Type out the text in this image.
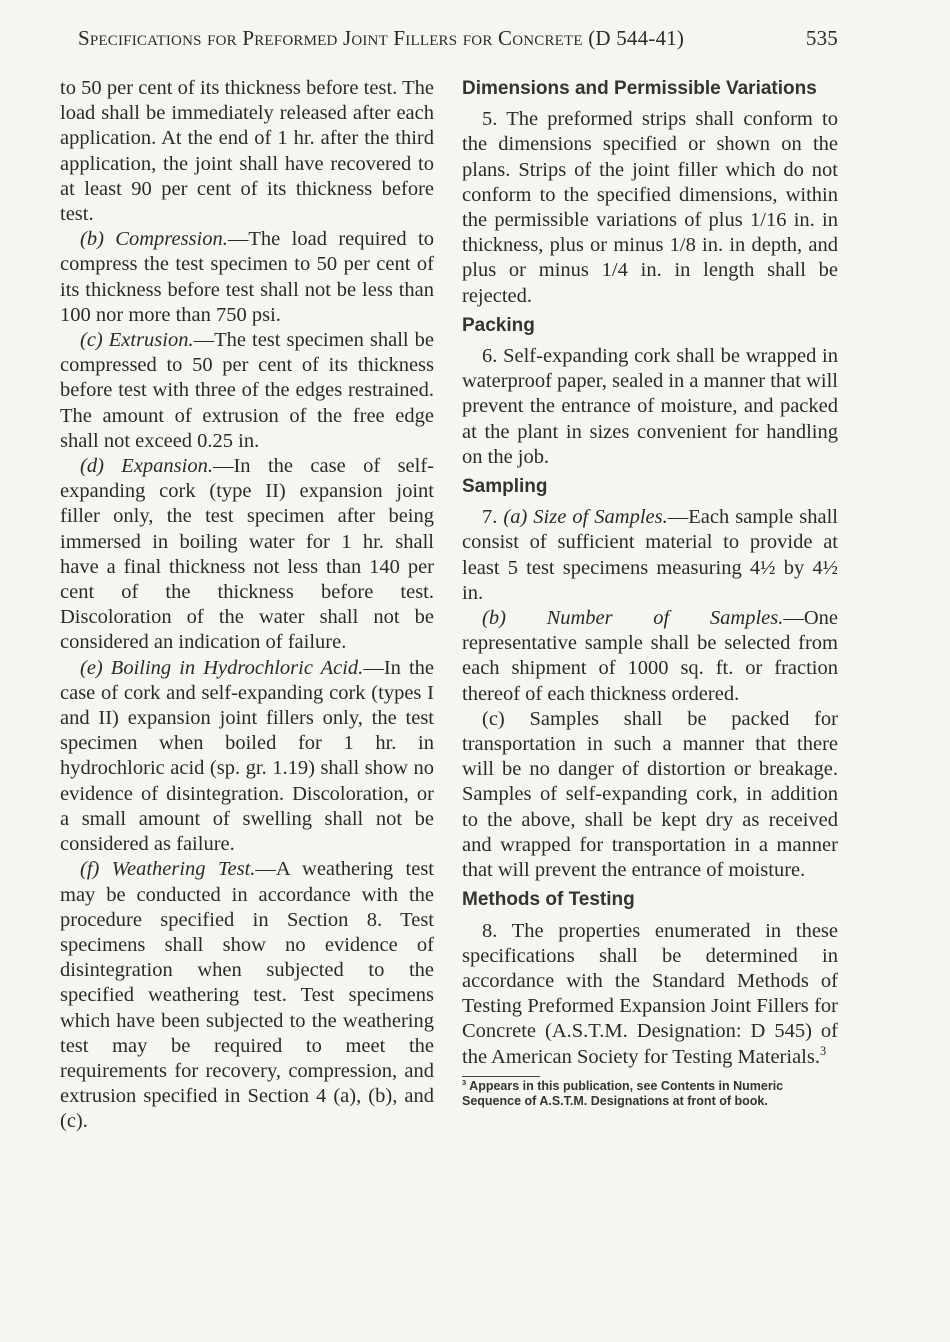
Specifications for Preformed Joint Fillers for Concrete (D 544-41)	535

to 50 per cent of its thickness before test. The load shall be immediately released after each application. At the end of 1 hr. after the third application, the joint shall have recovered to at least 90 per cent of its thickness before test.

(b) Compression.—The load required to compress the test specimen to 50 per cent of its thickness before test shall not be less than 100 nor more than 750 psi.

(c) Extrusion.—The test specimen shall be compressed to 50 per cent of its thickness before test with three of the edges restrained. The amount of extrusion of the free edge shall not exceed 0.25 in.

(d) Expansion.—In the case of self-expanding cork (type II) expansion joint filler only, the test specimen after being immersed in boiling water for 1 hr. shall have a final thickness not less than 140 per cent of the thickness before test. Discoloration of the water shall not be considered an indication of failure.

(e) Boiling in Hydrochloric Acid.—In the case of cork and self-expanding cork (types I and II) expansion joint fillers only, the test specimen when boiled for 1 hr. in hydrochloric acid (sp. gr. 1.19) shall show no evidence of disintegration. Discoloration, or a small amount of swelling shall not be considered as failure.

(f) Weathering Test.—A weathering test may be conducted in accordance with the procedure specified in Section 8. Test specimens shall show no evidence of disintegration when subjected to the specified weathering test. Test specimens which have been subjected to the weathering test may be required to meet the requirements for recovery, compression, and extrusion specified in Section 4 (a), (b), and (c).

Dimensions and Permissible Variations

5. The preformed strips shall conform to the dimensions specified or shown on the plans. Strips of the joint filler which do not conform to the specified dimensions, within the permissible variations of plus 1/16 in. in thickness, plus or minus 1/8 in. in depth, and plus or minus 1/4 in. in length shall be rejected.

Packing

6. Self-expanding cork shall be wrapped in waterproof paper, sealed in a manner that will prevent the entrance of moisture, and packed at the plant in sizes convenient for handling on the job.

Sampling

7. (a) Size of Samples.—Each sample shall consist of sufficient material to provide at least 5 test specimens measuring 4½ by 4½ in.

(b) Number of Samples.—One representative sample shall be selected from each shipment of 1000 sq. ft. or fraction thereof of each thickness ordered.

(c) Samples shall be packed for transportation in such a manner that there will be no danger of distortion or breakage. Samples of self-expanding cork, in addition to the above, shall be kept dry as received and wrapped for transportation in a manner that will prevent the entrance of moisture.

Methods of Testing

8. The properties enumerated in these specifications shall be determined in accordance with the Standard Methods of Testing Preformed Expansion Joint Fillers for Concrete (A.S.T.M. Designation: D 545) of the American Society for Testing Materials.$^3$

$^3$ Appears in this publication, see Contents in Numeric Sequence of A.S.T.M. Designations at front of book.
